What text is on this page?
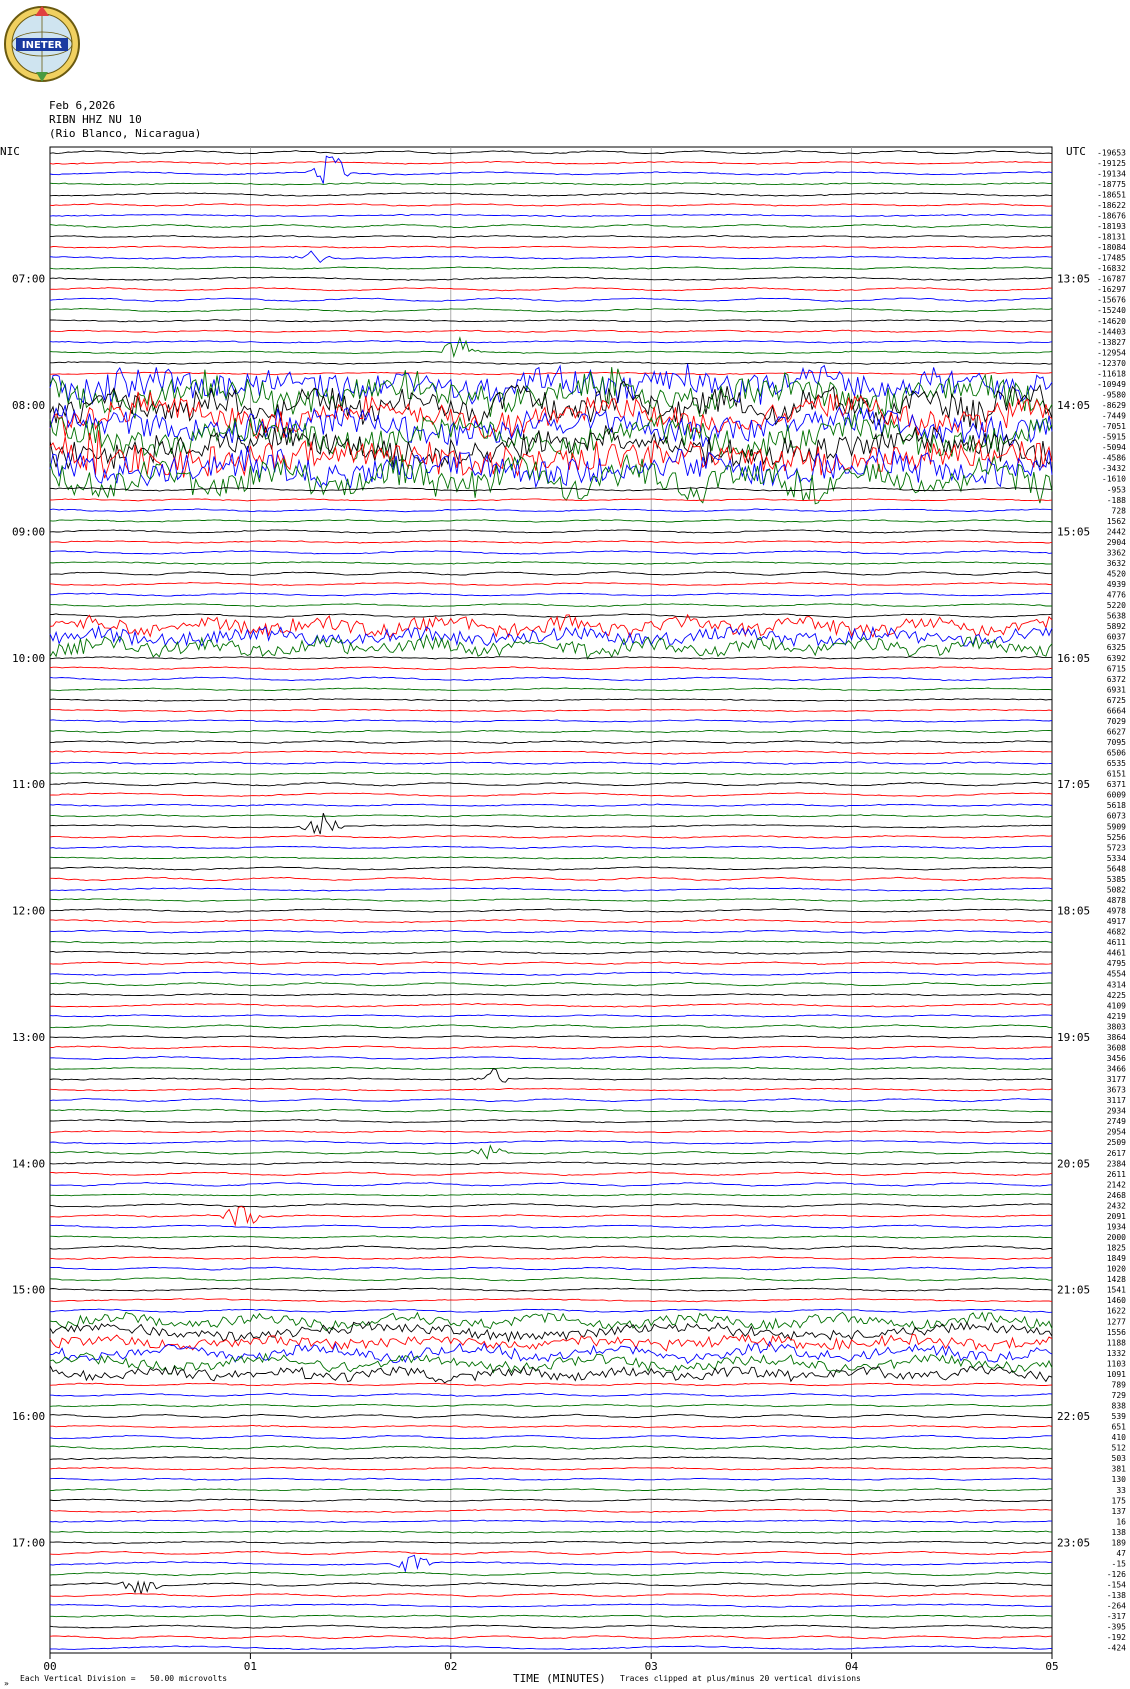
00	01	02	03	04	05
07:00
08:00
09:00
10:00
11:00
12:00
13:00
14:00
15:00
16:00
17:00
13:05
14:05
15:05
16:05
17:05
18:05
19:05
20:05
21:05
22:05
23:05
-19653
-19125
-19134
-18775
-18651
-18622
-18676
-18193
-18131
-18084
-17485
-16832
-16787
-16297
-15676
-15240
-14620
-14403
-13827
-12954
-12370
-11618
-10949
-9580
-8629
-7449
-7051
-5915
-5094
-4586
-3432
-1610
-953
-188
728
1562
2442
2904
3362
3632
4520
4939
4776
5220
5638
5892
6037
6325
6392
6715
6372
6931
6725
6664
7029
6627
7095
6506
6535
6151
6371
6009
5618
6073
5909
5256
5723
5334
5648
5385
5082
4878
4978
4917
4682
4611
4461
4795
4554
4314
4225
4109
4219
3803
3864
3608
3456
3466
3177
3673
3117
2934
2749
2954
2509
2617
2384
2611
2142
2468
2432
2091
1934
2000
1825
1849
1020
1428
1541
1460
1622
1277
1556
1188
1332
1103
1091
789
729
838
539
651
410
512
503
381
130
33
175
137
16
138
189
47
-15
-126
-154
-138
-264
-317
-395
-192
-424
INETER
Feb 6,2026
RIBN HHZ NU 10
(Rio Blanco, Nicaragua)
NIC	UTC
»
Each Vertical Division =   50.00 microvolts	TIME (MINUTES) Traces clipped at plus/minus 20 vertical divisions
